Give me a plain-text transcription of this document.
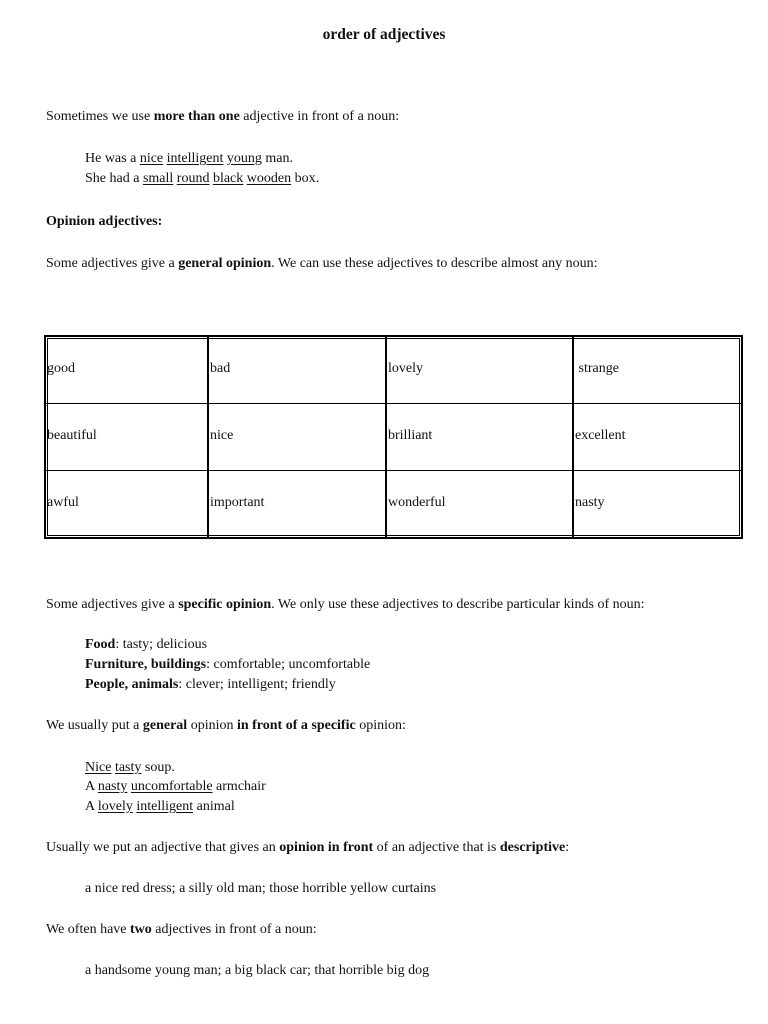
order of adjectives
Sometimes we use more than one adjective in front of a noun:
He was a nice intelligent young man.
She had a small round black wooden box.
Opinion adjectives:
Some adjectives give a general opinion. We can use these adjectives to describe almost any noun:
good	bad	lovely	strange
beautiful	nice	brilliant	excellent
awful	important	wonderful	nasty
Some adjectives give a specific opinion. We only use these adjectives to describe particular kinds of noun:
Food: tasty; delicious
Furniture, buildings: comfortable; uncomfortable
People, animals: clever; intelligent; friendly
We usually put a general opinion in front of a specific opinion:
Nice tasty soup.
A nasty uncomfortable armchair
A lovely intelligent animal
Usually we put an adjective that gives an opinion in front of an adjective that is descriptive:
a nice red dress; a silly old man; those horrible yellow curtains
We often have two adjectives in front of a noun:
a handsome young man; a big black car; that horrible big dog
